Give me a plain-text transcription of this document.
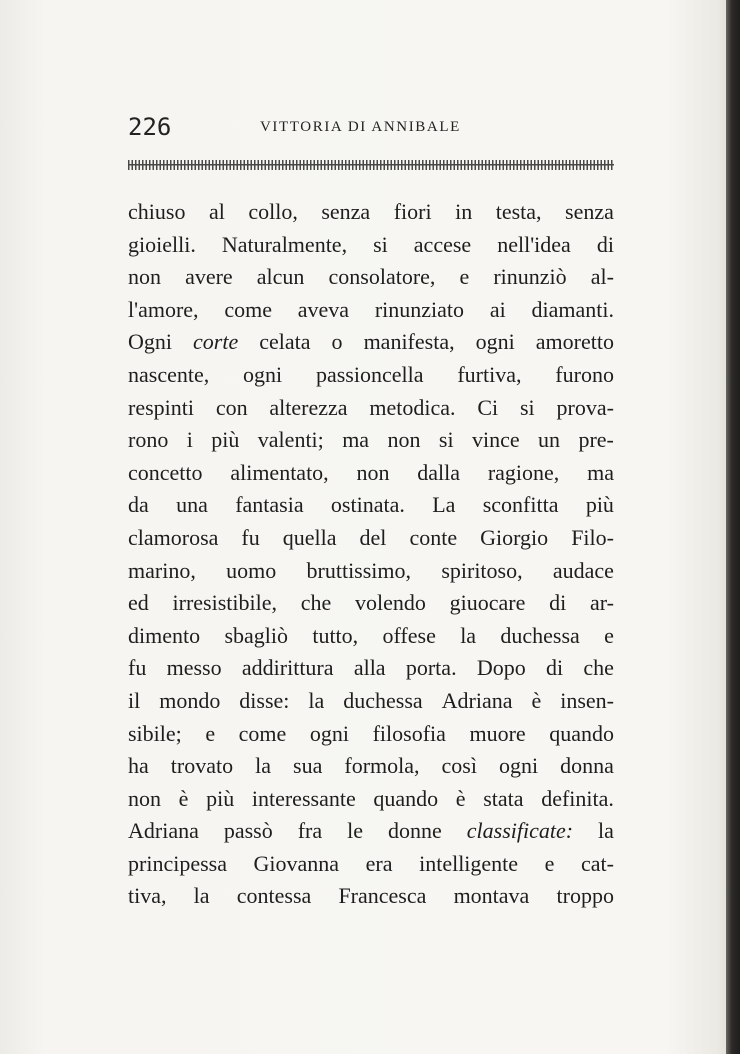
226	VITTORIA DI ANNIBALE
chiuso al collo, senza fiori in testa, senza
gioielli. Naturalmente, si accese nell'idea di
non avere alcun consolatore, e rinunziò al-
l'amore, come aveva rinunziato ai diamanti.
Ogni corte celata o manifesta, ogni amoretto
nascente, ogni passioncella furtiva, furono
respinti con alterezza metodica. Ci si prova-
rono i più valenti; ma non si vince un pre-
concetto alimentato, non dalla ragione, ma
da una fantasia ostinata. La sconfitta più
clamorosa fu quella del conte Giorgio Filo-
marino, uomo bruttissimo, spiritoso, audace
ed irresistibile, che volendo giuocare di ar-
dimento sbagliò tutto, offese la duchessa e
fu messo addirittura alla porta. Dopo di che
il mondo disse: la duchessa Adriana è insen-
sibile; e come ogni filosofia muore quando
ha trovato la sua formola, così ogni donna
non è più interessante quando è stata definita.
Adriana passò fra le donne classificate: la
principessa Giovanna era intelligente e cat-
tiva, la contessa Francesca montava troppo
